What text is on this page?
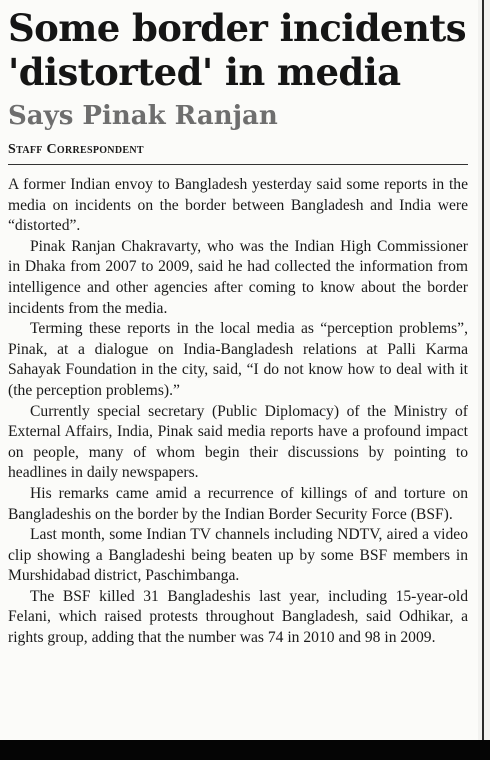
Some border incidents 'distorted' in media
Says Pinak Ranjan
Staff Correspondent

A former Indian envoy to Bangladesh yesterday said some reports in the media on incidents on the border between Bangladesh and India were “distorted”.

Pinak Ranjan Chakravarty, who was the Indian High Commissioner in Dhaka from 2007 to 2009, said he had collected the information from intelligence and other agencies after coming to know about the border incidents from the media.

Terming these reports in the local media as “perception problems”, Pinak, at a dialogue on India-Bangladesh relations at Palli Karma Sahayak Foundation in the city, said, “I do not know how to deal with it (the perception problems).”

Currently special secretary (Public Diplomacy) of the Ministry of External Affairs, India, Pinak said media reports have a profound impact on people, many of whom begin their discussions by pointing to headlines in daily newspapers.

His remarks came amid a recurrence of killings of and torture on Bangladeshis on the border by the Indian Border Security Force (BSF).

Last month, some Indian TV channels including NDTV, aired a video clip showing a Bangladeshi being beaten up by some BSF members in Murshidabad district, Paschimbanga.

The BSF killed 31 Bangladeshis last year, including 15-year-old Felani, which raised protests throughout Bangladesh, said Odhikar, a rights group, adding that the number was 74 in 2010 and 98 in 2009.
